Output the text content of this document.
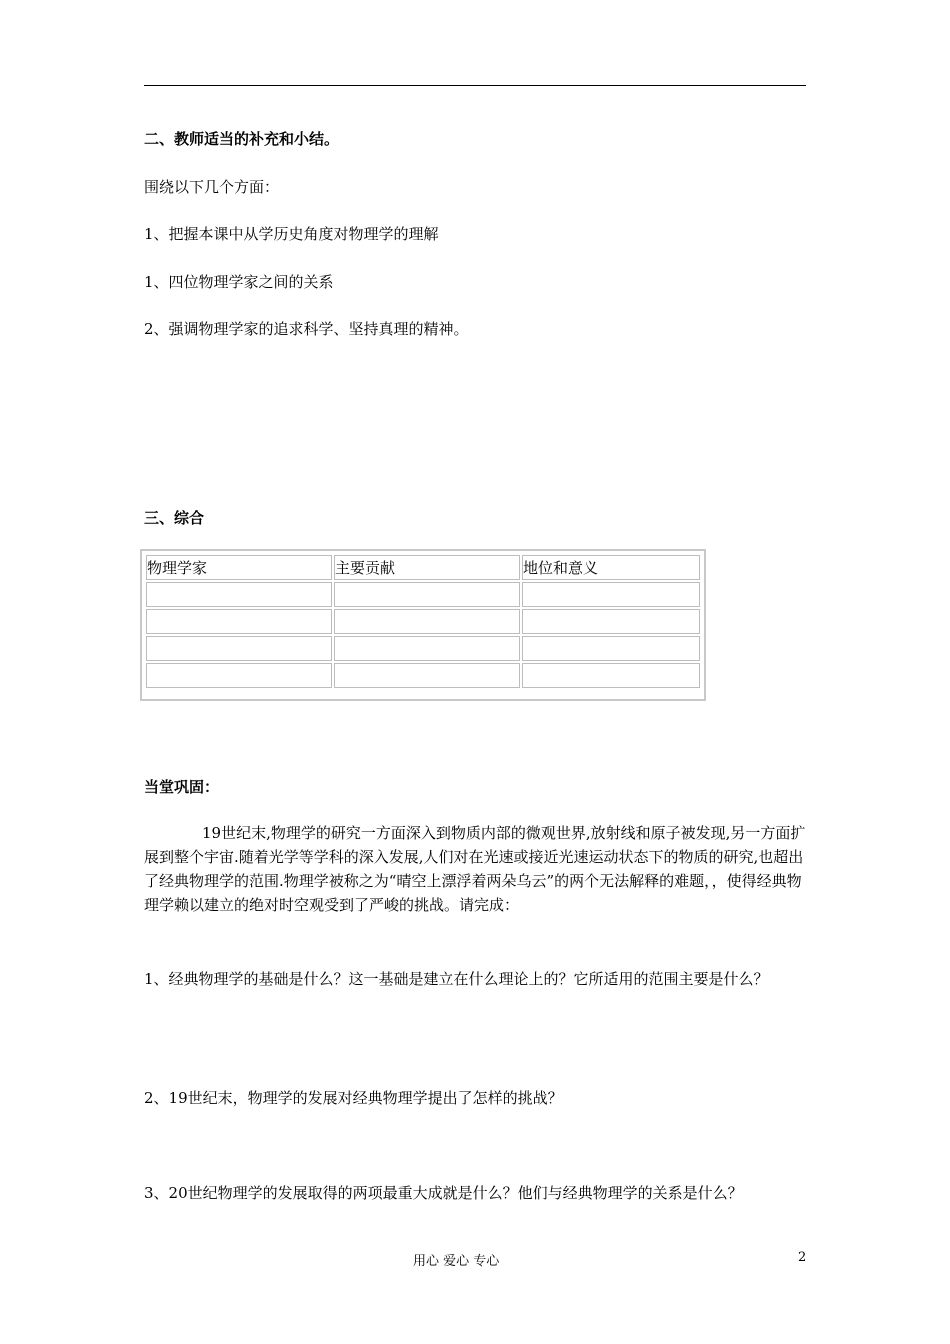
二、教师适当的补充和小结。
围绕以下几个方面：
1、把握本课中从学历史角度对物理学的理解
1、四位物理学家之间的关系
2、强调物理学家的追求科学、坚持真理的精神。
三、综合
物理学家	主要贡献	地位和意义

当堂巩固：
19世纪末,物理学的研究一方面深入到物质内部的微观世界,放射线和原子被发现,另一方面扩展到整个宇宙.随着光学等学科的深入发展,人们对在光速或接近光速运动状态下的物质的研究,也超出了经典物理学的范围.物理学被称之为“晴空上漂浮着两朵乌云”的两个无法解释的难题，，使得经典物理学赖以建立的绝对时空观受到了严峻的挑战。请完成：
1、经典物理学的基础是什么？这一基础是建立在什么理论上的？它所适用的范围主要是什么？
2、19世纪末，物理学的发展对经典物理学提出了怎样的挑战？
3、20世纪物理学的发展取得的两项最重大成就是什么？他们与经典物理学的关系是什么？
用心 爱心 专心	2
